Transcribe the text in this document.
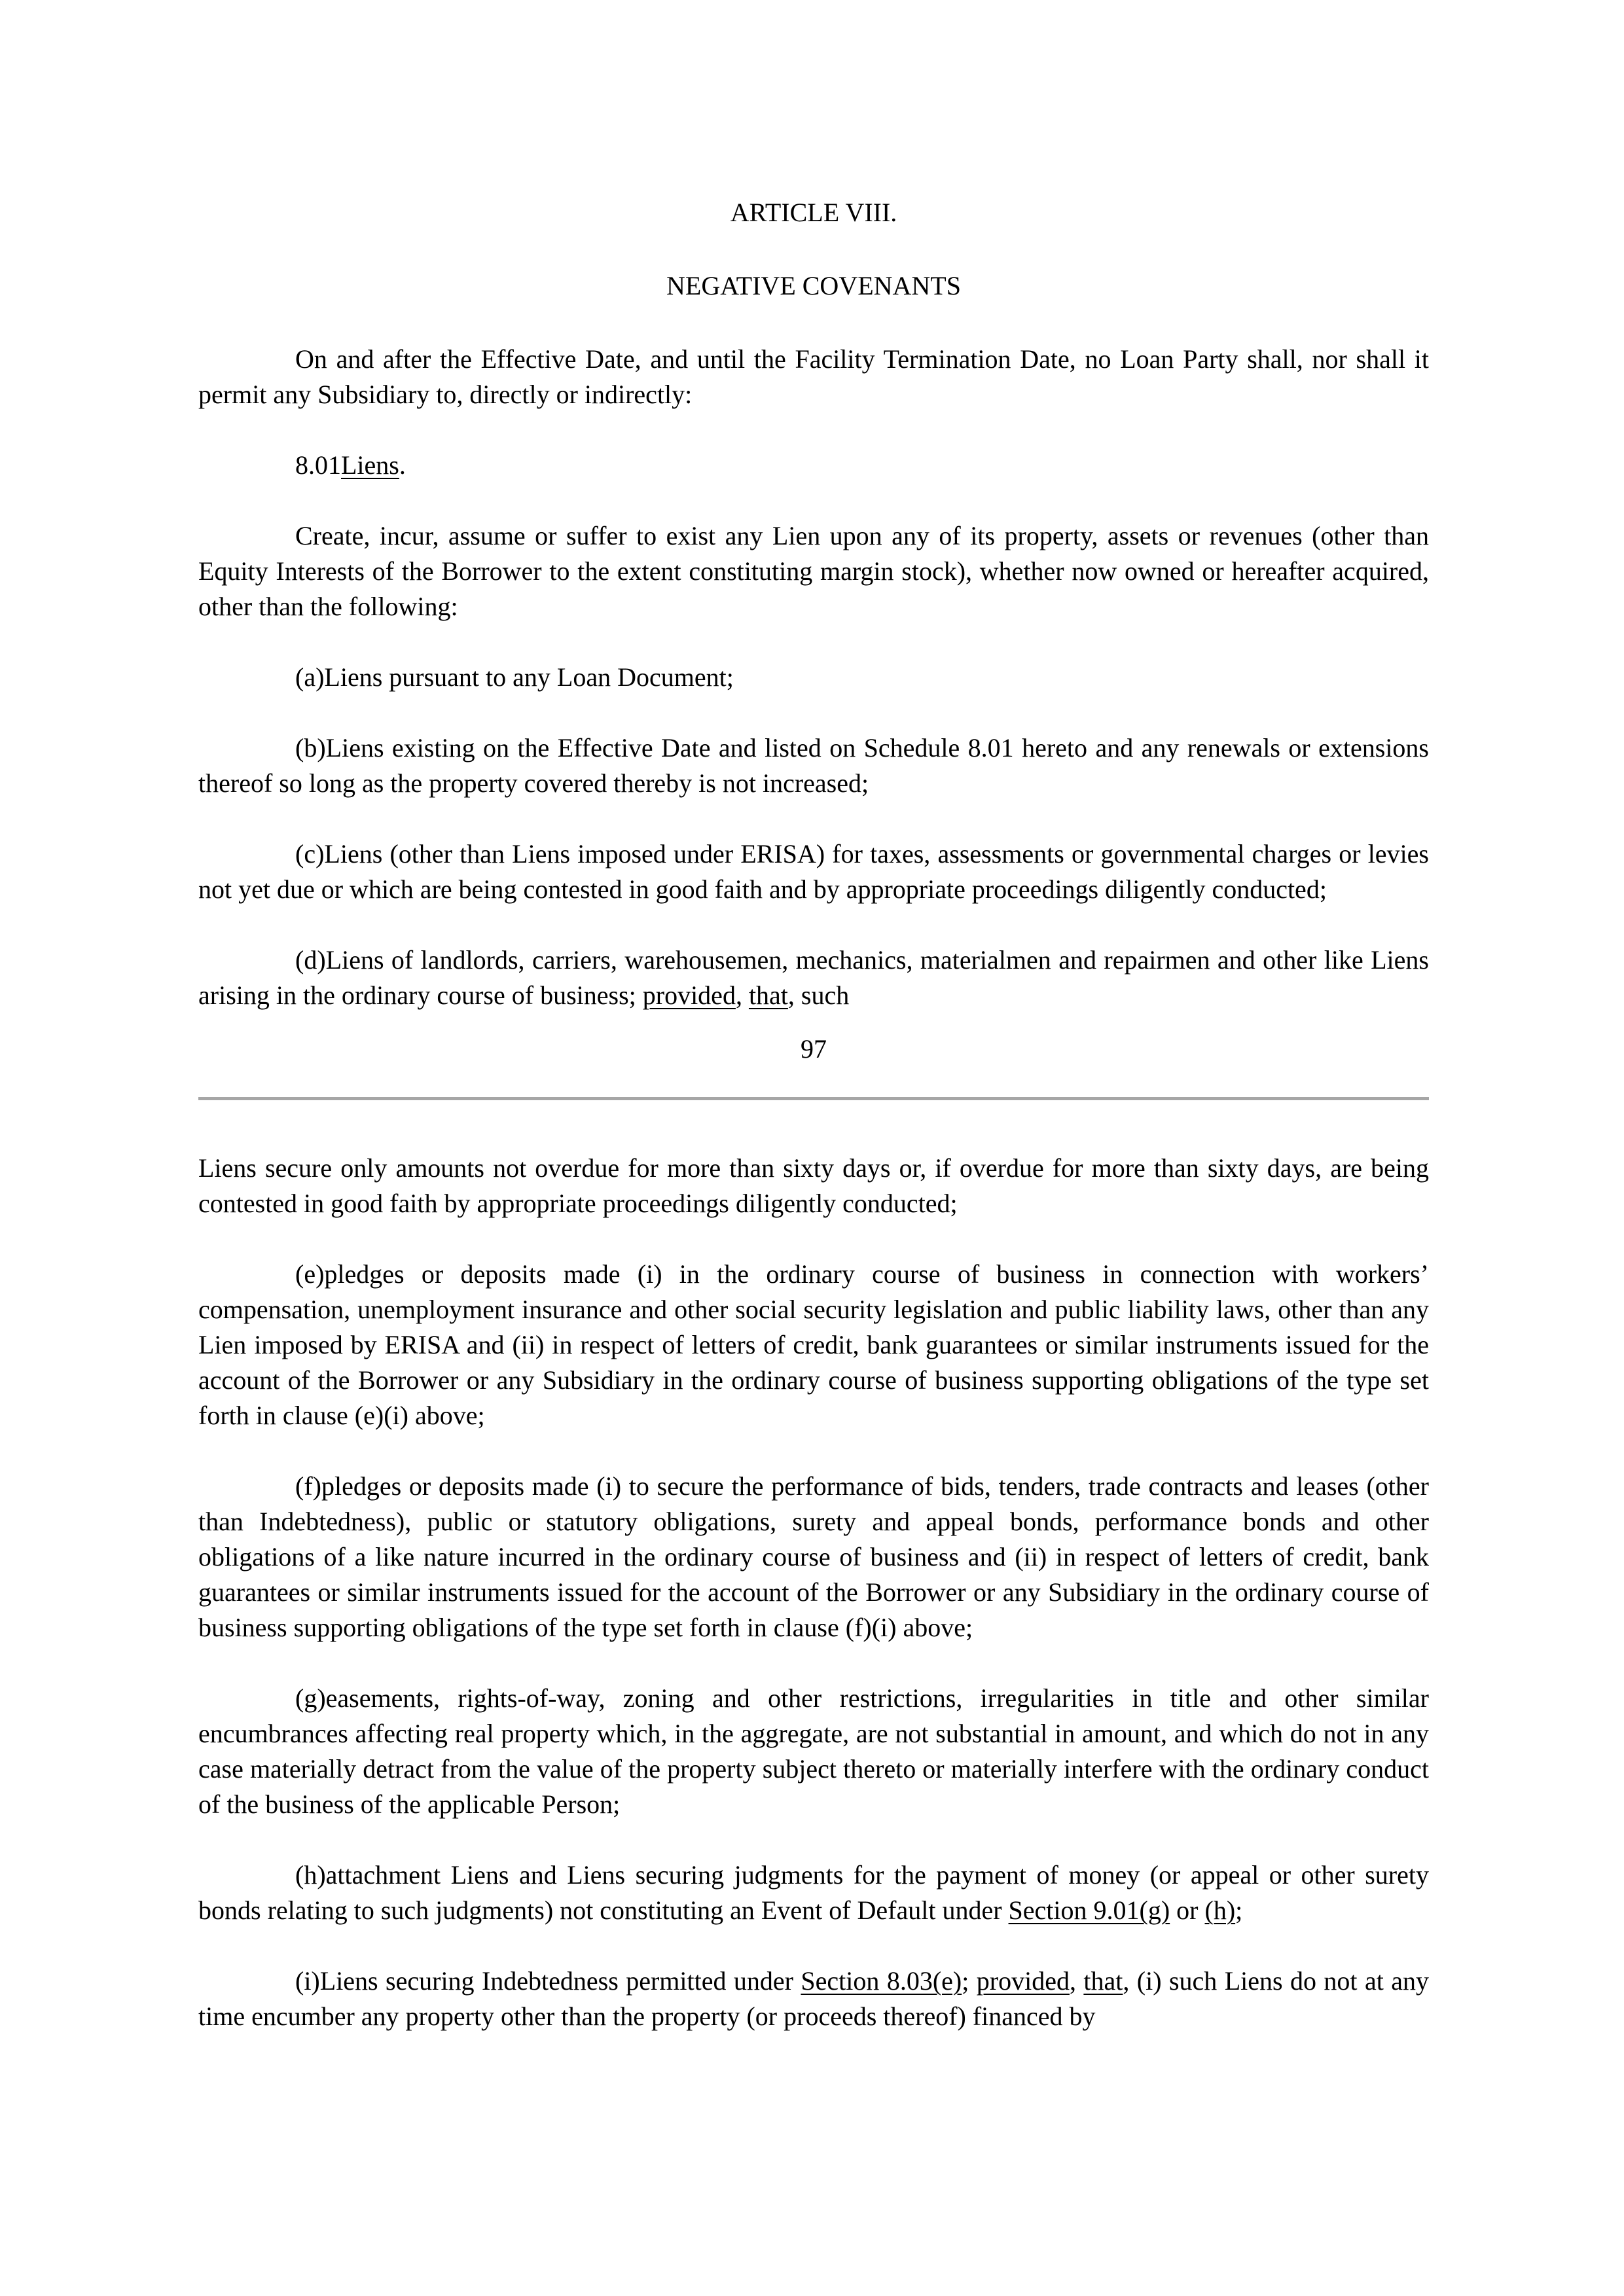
ARTICLE VIII.

NEGATIVE COVENANTS

On and after the Effective Date, and until the Facility Termination Date, no Loan Party shall, nor shall it permit any Subsidiary to, directly or indirectly:

8.01Liens.

Create, incur, assume or suffer to exist any Lien upon any of its property, assets or revenues (other than Equity Interests of the Borrower to the extent constituting margin stock), whether now owned or hereafter acquired, other than the following:

(a)Liens pursuant to any Loan Document;

(b)Liens existing on the Effective Date and listed on Schedule 8.01 hereto and any renewals or extensions thereof so long as the property covered thereby is not increased;

(c)Liens (other than Liens imposed under ERISA) for taxes, assessments or governmental charges or levies not yet due or which are being contested in good faith and by appropriate proceedings diligently conducted;

(d)Liens of landlords, carriers, warehousemen, mechanics, materialmen and repairmen and other like Liens arising in the ordinary course of business; provided, that, such

97

Liens secure only amounts not overdue for more than sixty days or, if overdue for more than sixty days, are being contested in good faith by appropriate proceedings diligently conducted;

(e)pledges or deposits made (i) in the ordinary course of business in connection with workers’ compensation, unemployment insurance and other social security legislation and public liability laws, other than any Lien imposed by ERISA and (ii) in respect of letters of credit, bank guarantees or similar instruments issued for the account of the Borrower or any Subsidiary in the ordinary course of business supporting obligations of the type set forth in clause (e)(i) above;

(f)pledges or deposits made (i) to secure the performance of bids, tenders, trade contracts and leases (other than Indebtedness), public or statutory obligations, surety and appeal bonds, performance bonds and other obligations of a like nature incurred in the ordinary course of business and (ii) in respect of letters of credit, bank guarantees or similar instruments issued for the account of the Borrower or any Subsidiary in the ordinary course of business supporting obligations of the type set forth in clause (f)(i) above;

(g)easements, rights-of-way, zoning and other restrictions, irregularities in title and other similar encumbrances affecting real property which, in the aggregate, are not substantial in amount, and which do not in any case materially detract from the value of the property subject thereto or materially interfere with the ordinary conduct of the business of the applicable Person;

(h)attachment Liens and Liens securing judgments for the payment of money (or appeal or other surety bonds relating to such judgments) not constituting an Event of Default under Section 9.01(g) or (h);

(i)Liens securing Indebtedness permitted under Section 8.03(e); provided, that, (i) such Liens do not at any time encumber any property other than the property (or proceeds thereof) financed by
